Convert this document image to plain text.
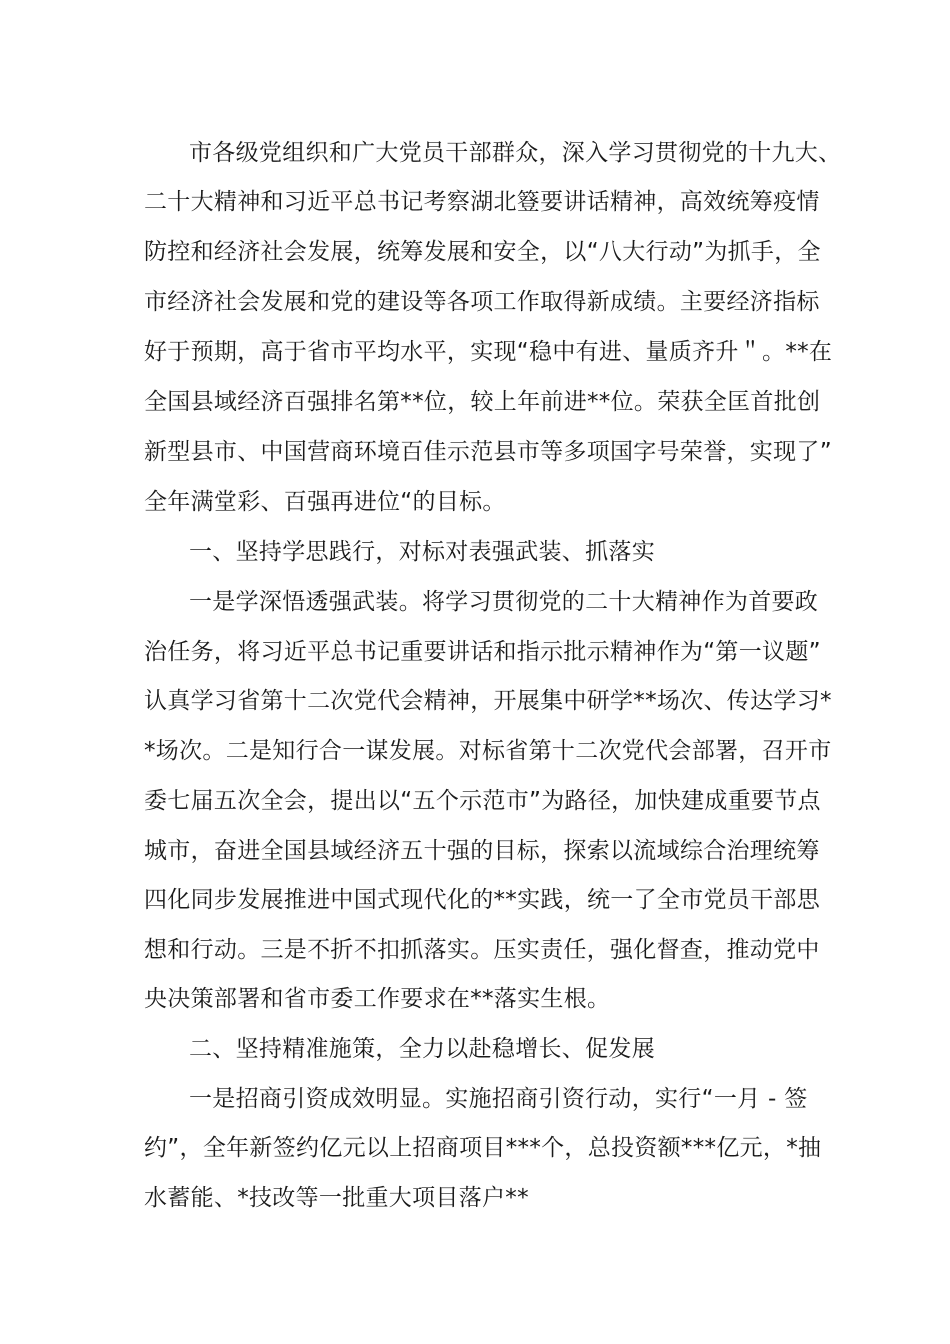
市各级党组织和广大党员干部群众，深入学习贯彻党的十九大、
二十大精神和习近平总书记考察湖北簦要讲话精神，高效统筹疫情
防控和经济社会发展，统筹发展和安全，以“八大行动”为抓手，全
市经济社会发展和党的建设等各项工作取得新成绩。主要经济指标
好于预期，高于省市平均水平，实现“稳中有进、量质齐升＂。**在
全国县域经济百强排名第**位，较上年前进**位。荣获全匡首批创
新型县市、中国营商环境百佳示范县市等多项国字号荣誉，实现了”
全年满堂彩、百强再进位“的目标。
一、坚持学思践行，对标对表强武装、抓落实
一是学深悟透强武装。将学习贯彻党的二十大精神作为首要政
治任务，将习近平总书记重要讲话和指示批示精神作为“第一议题”
认真学习省第十二次党代会精神，开展集中研学**场次、传达学习*
*场次。二是知行合一谋发展。对标省第十二次党代会部署，召开市
委七届五次全会，提出以“五个示范市”为路径，加快建成重要节点
城市，奋进全国县域经济五十强的目标，探索以流域综合治理统筹
四化同步发展推进中国式现代化的**实践，统一了全市党员干部思
想和行动。三是不折不扣抓落实。压实责任，强化督查，推动党中
央决策部署和省市委工作要求在**落实生根。
二、坚持精准施策，全力以赴稳增长、促发展
一是招商引资成效明显。实施招商引资行动，实行“一月 - 签
约”，全年新签约亿元以上招商项目***个，总投资额***亿元，*抽
水蓄能、*技改等一批重大项目落户**
